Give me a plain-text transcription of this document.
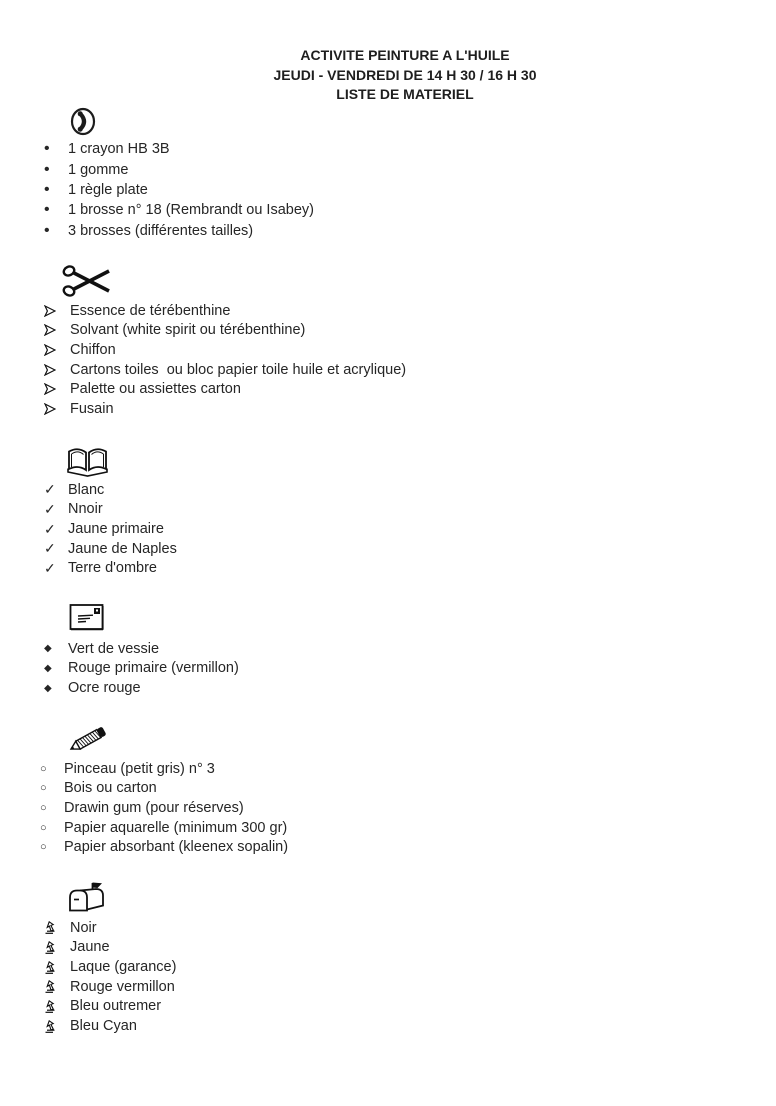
ACTIVITE PEINTURE A L'HUILE
JEUDI - VENDREDI DE 14 H 30 / 16 H 30
LISTE DE MATERIEL
•	1 crayon HB 3B
•	1 gomme
•	1 règle plate
•	1 brosse n° 18 (Rembrandt ou Isabey)
•	3 brosses (différentes tailles)
Essence de térébenthine
Solvant (white spirit ou térébenthine)
Chiffon
Cartons toiles  ou bloc papier toile huile et acrylique)
Palette ou assiettes carton
Fusain
✓ Blanc
✓ Nnoir
✓ Jaune primaire
✓ Jaune de Naples
✓ Terre d'ombre
◆	Vert de vessie
◆	Rouge primaire (vermillon)
◆	Ocre rouge
○	Pinceau (petit gris) n° 3
○	Bois ou carton
○	Drawin gum (pour réserves)
○	Papier aquarelle (minimum 300 gr)
○	Papier absorbant (kleenex sopalin)
Noir
Jaune
Laque (garance)
Rouge vermillon
Bleu outremer
Bleu Cyan
